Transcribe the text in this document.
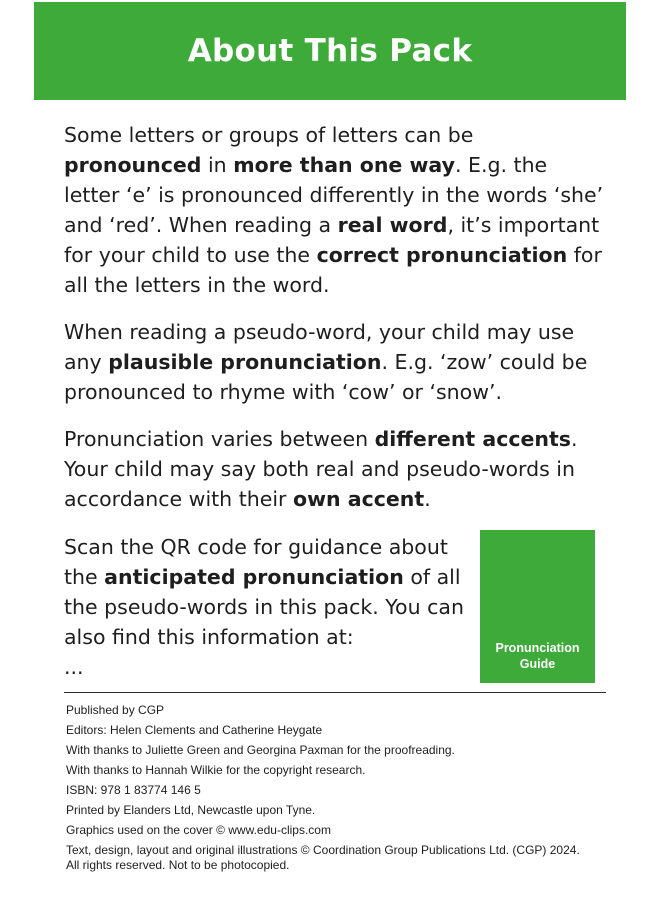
About This Pack

Some letters or groups of letters can be pronounced in more than one way. E.g. the letter ‘e’ is pronounced differently in the words ‘she’ and ‘red’. When reading a real word, it’s important for your child to use the correct pronunciation for all the letters in the word.

When reading a pseudo-word, your child may use any plausible pronunciation. E.g. ‘zow’ could be pronounced to rhyme with ‘cow’ or ‘snow’.

Pronunciation varies between different accents. Your child may say both real and pseudo-words in accordance with their own accent.

Scan the QR code for guidance about the anticipated pronunciation of all the pseudo-words in this pack. You can also find this information at:
...

Pronunciation
Guide
Published by CGP
Editors: Helen Clements and Catherine Heygate
With thanks to Juliette Green and Georgina Paxman for the proofreading.
With thanks to Hannah Wilkie for the copyright research.
ISBN: 978 1 83774 146 5
Printed by Elanders Ltd, Newcastle upon Tyne.
Graphics used on the cover © www.edu-clips.com
Text, design, layout and original illustrations © Coordination Group Publications Ltd. (CGP) 2024.
All rights reserved. Not to be photocopied.
